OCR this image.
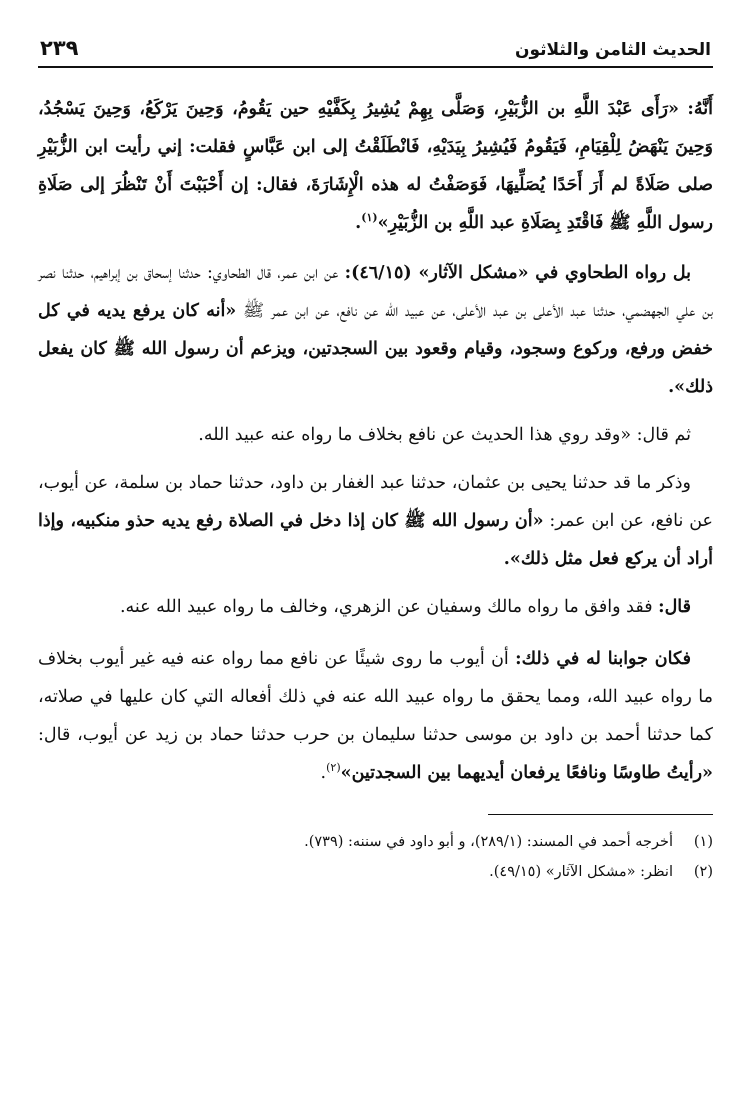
الحديث الثامن والثلاثون
٢٣٩

أَنَّهُ: «رَأَى عَبْدَ اللَّهِ بن الزُّبَيْرِ، وَصَلَّى بِهِمْ يُشِيرُ بِكَفَّيْهِ حين يَقُومُ، وَحِينَ يَرْكَعُ، وَحِينَ يَسْجُدُ، وَحِينَ يَنْهَضُ لِلْقِيَامِ، فَيَقُومُ فَيُشِيرُ بِيَدَيْهِ، فَانْطَلَقْتُ إلى ابن عَبَّاسٍ فقلت: إني رأيت ابن الزُّبَيْرِ صلى صَلَاةً لم أَرَ أَحَدًا يُصَلِّيهَا، فَوَصَفْتُ له هذه الْإِشَارَةَ، فقال: إن أَحْبَبْتَ أَنْ تَنْظُرَ إلى صَلَاةِ رسول اللَّهِ ﷺ فَاقْتَدِ بِصَلَاةِ عبد اللَّهِ بن الزُّبَيْرِ»$^{(١)}$.

بل رواه الطحاوي في «مشكل الآثار» (٤٦/١٥): عن ابن عمر، قال الطحاوي: حدثنا إسحاق بن إبراهيم، حدثنا نصر بن علي الجهضمي، حدثنا عبد الأعلى بن عبد الأعلى، عن عبيد الله عن نافع، عن ابن عمر ﷺ «أنه كان يرفع يديه في كل خفض ورفع، وركوع وسجود، وقيام وقعود بين السجدتين، ويزعم أن رسول الله ﷺ كان يفعل ذلك».

ثم قال: «وقد روي هذا الحديث عن نافع بخلاف ما رواه عنه عبيد الله.

وذكر ما قد حدثنا يحيى بن عثمان، حدثنا عبد الغفار بن داود، حدثنا حماد بن سلمة، عن أيوب، عن نافع، عن ابن عمر: «أن رسول الله ﷺ كان إذا دخل في الصلاة رفع يديه حذو منكبيه، وإذا أراد أن يركع فعل مثل ذلك».

قال: فقد وافق ما رواه مالك وسفيان عن الزهري، وخالف ما رواه عبيد الله عنه.

فكان جوابنا له في ذلك: أن أيوب ما روى شيئًا عن نافع مما رواه عنه فيه غير أيوب بخلاف ما رواه عبيد الله، ومما يحقق ما رواه عبيد الله عنه في ذلك أفعاله التي كان عليها في صلاته، كما حدثنا أحمد بن داود بن موسى حدثنا سليمان بن حرب حدثنا حماد بن زيد عن أيوب، قال: «رأيتُ طاوسًا ونافعًا يرفعان أيديهما بين السجدتين»$^{(٢)}$.

(١)
أخرجه أحمد في المسند: (٢٨٩/١)، و أبو داود في سننه: (٧٣٩).
(٢)
انظر: «مشكل الآثار» (٤٩/١٥).
